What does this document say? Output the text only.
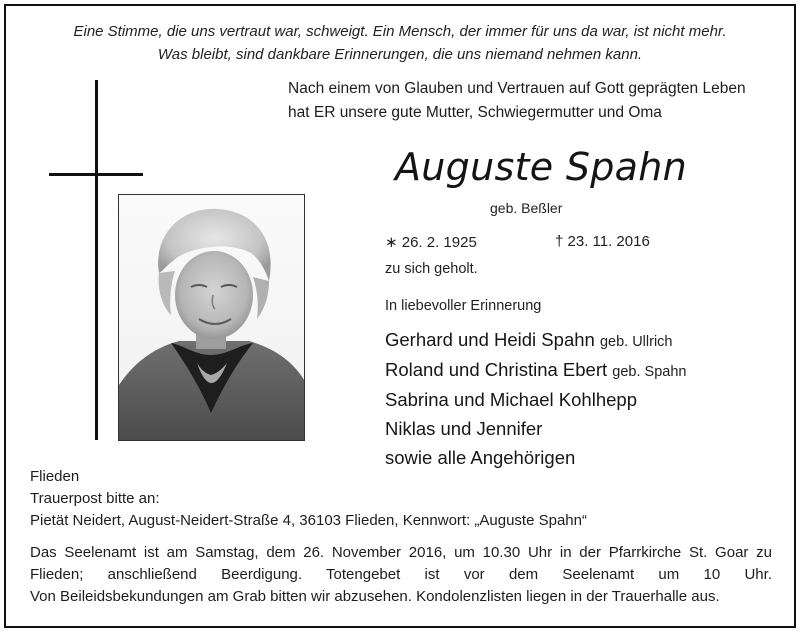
Eine Stimme, die uns vertraut war, schweigt. Ein Mensch, der immer für uns da war, ist nicht mehr.
Was bleibt, sind dankbare Erinnerungen, die uns niemand nehmen kann.
Nach einem von Glauben und Vertrauen auf Gott geprägten Leben
hat ER unsere gute Mutter, Schwiegermutter und Oma
Auguste Spahn
geb. Beßler
∗ 26. 2. 1925	† 23. 11. 2016
zu sich geholt.
In liebevoller Erinnerung
Gerhard und Heidi Spahn geb. Ullrich
Roland und Christina Ebert geb. Spahn
Sabrina und Michael Kohlhepp
Niklas und Jennifer
sowie alle Angehörigen
Flieden
Trauerpost bitte an:
Pietät Neidert, August-Neidert-Straße 4, 36103 Flieden, Kennwort: „Auguste Spahn“
Das Seelenamt ist am Samstag, dem 26. November 2016, um 10.30 Uhr in der Pfarrkirche St. Goar zu
Flieden; anschließend Beerdigung. Totengebet ist vor dem Seelenamt um 10 Uhr.
Von Beileidsbekundungen am Grab bitten wir abzusehen. Kondolenzlisten liegen in der Trauerhalle aus.
